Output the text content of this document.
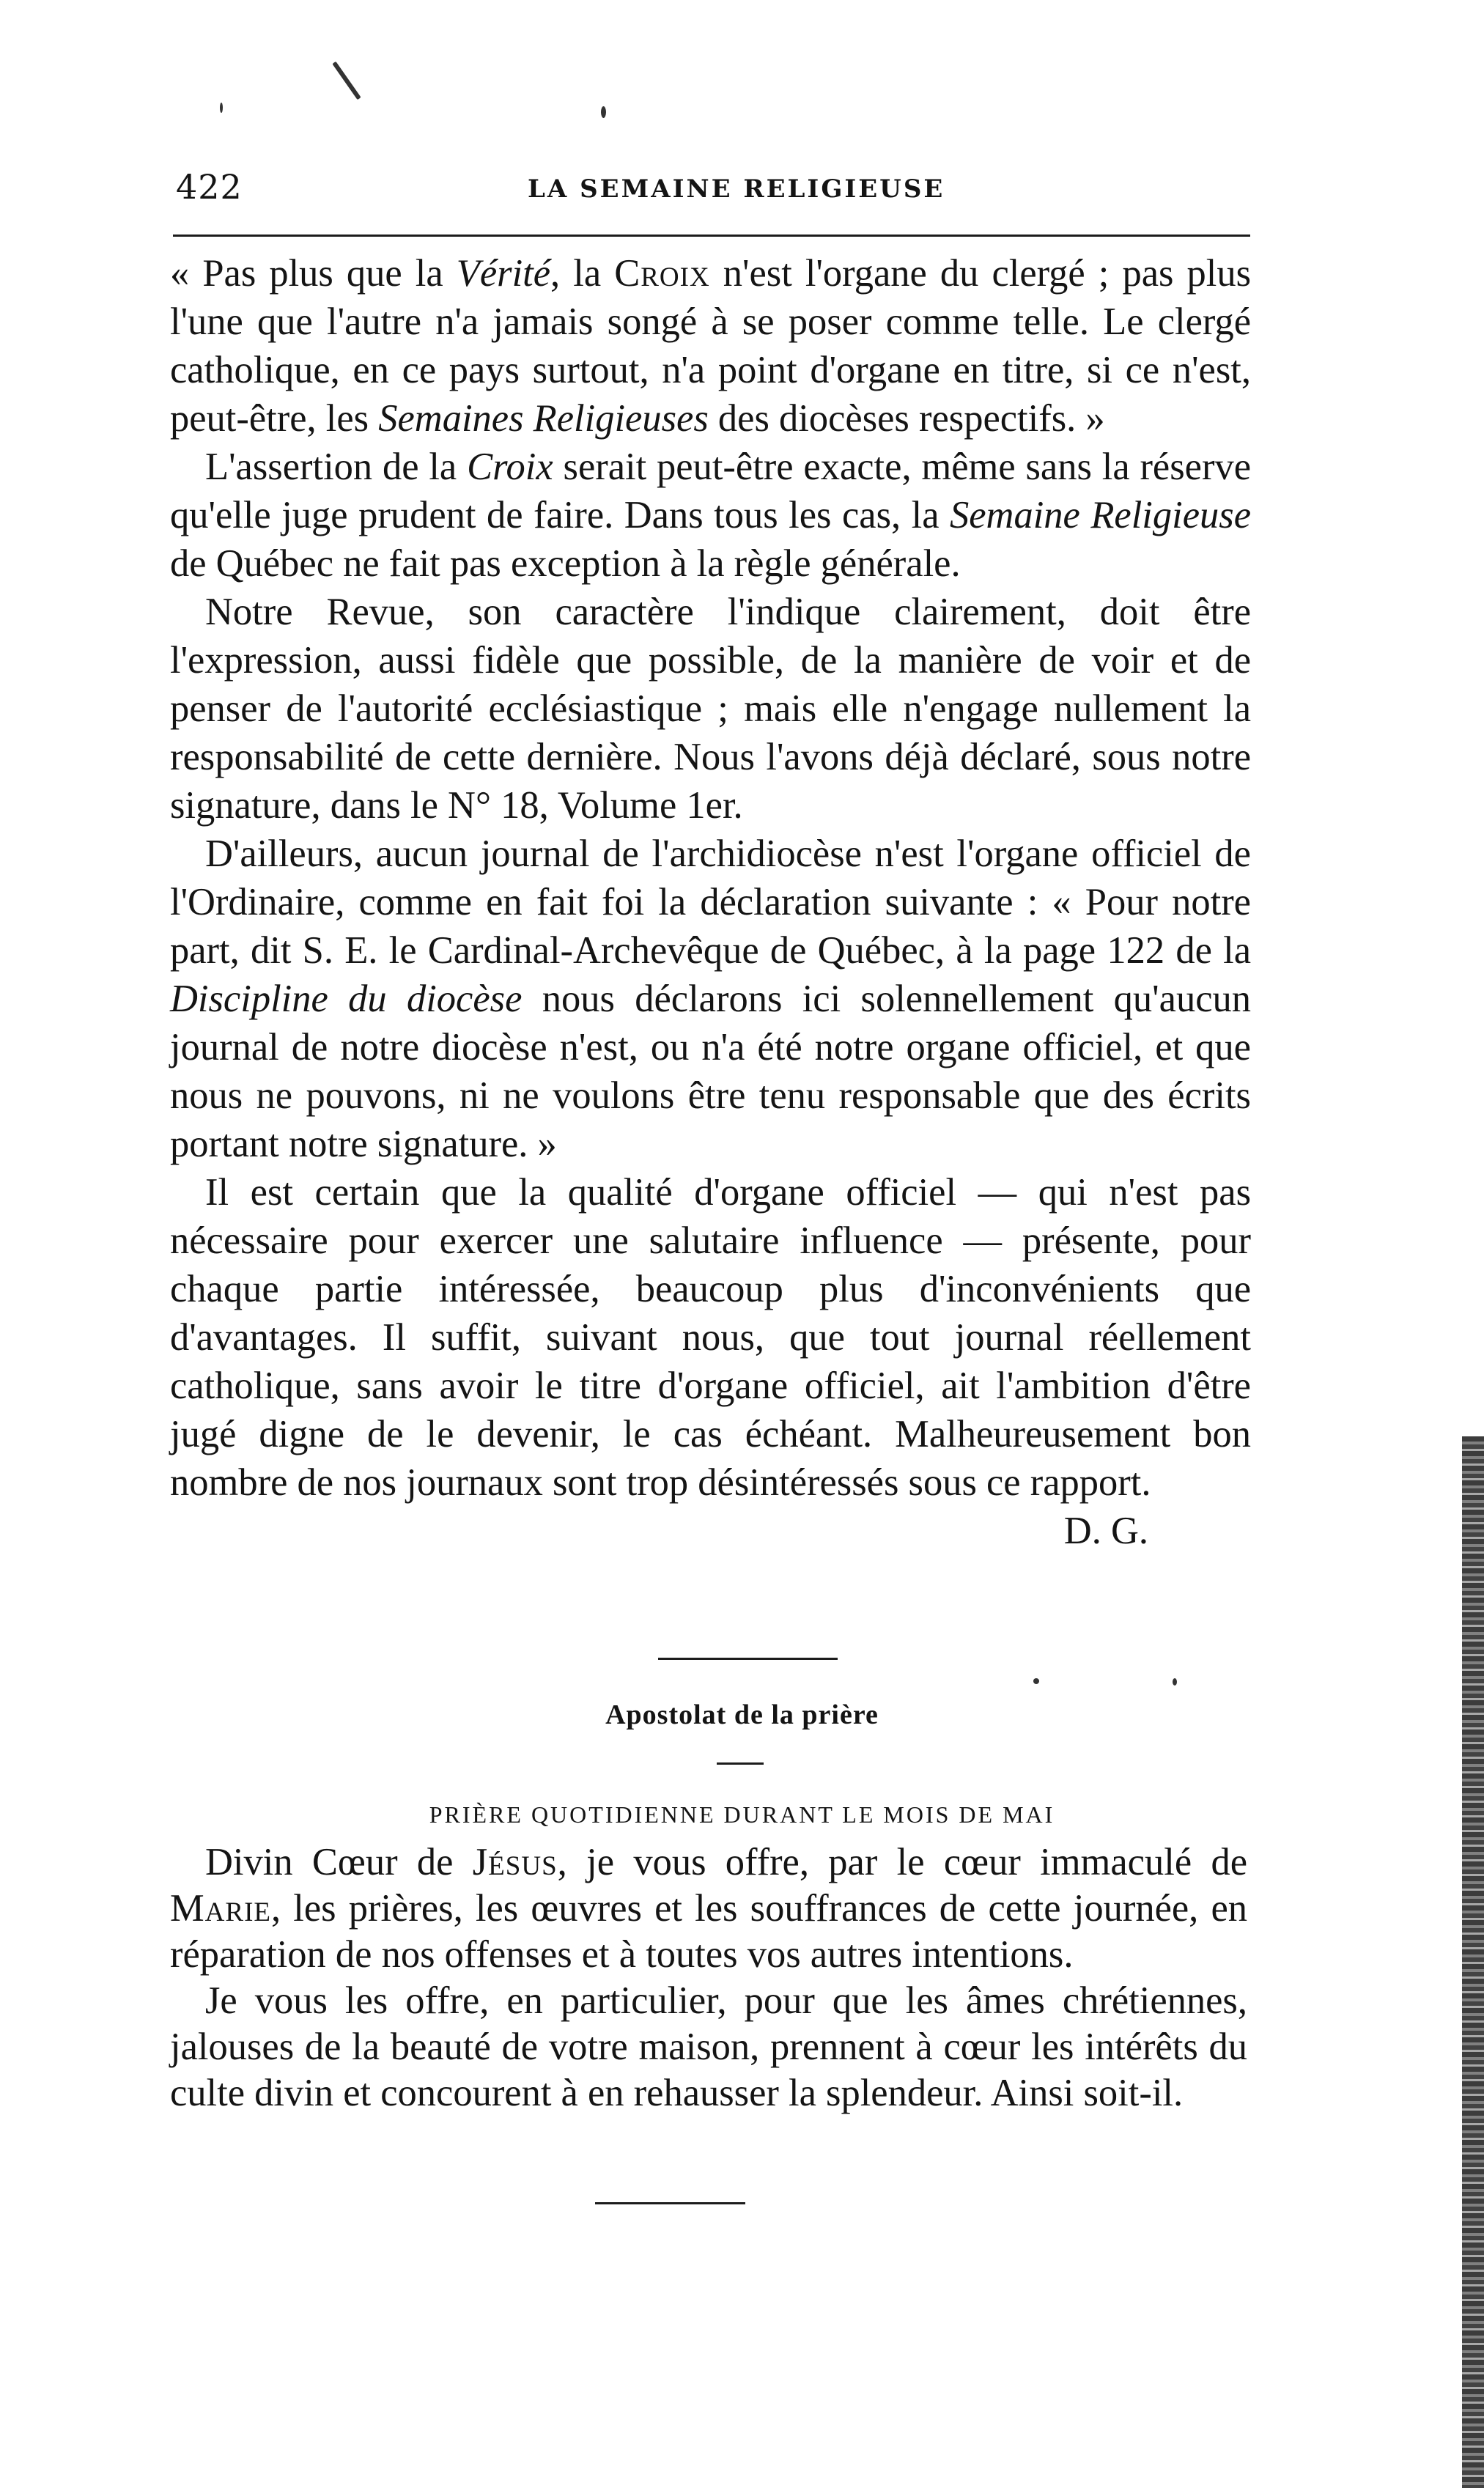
422	LA SEMAINE RELIGIEUSE

« Pas plus que la Vérité, la Croix n'est l'organe du clergé ; pas plus l'une que l'autre n'a jamais songé à se poser comme telle. Le clergé catholique, en ce pays surtout, n'a point d'organe en titre, si ce n'est, peut-être, les Semaines Religieuses des diocèses respectifs. »

L'assertion de la Croix serait peut-être exacte, même sans la réserve qu'elle juge prudent de faire. Dans tous les cas, la Semaine Religieuse de Québec ne fait pas exception à la règle générale.

Notre Revue, son caractère l'indique clairement, doit être l'expression, aussi fidèle que possible, de la manière de voir et de penser de l'autorité ecclésiastique ; mais elle n'engage nullement la responsabilité de cette dernière. Nous l'avons déjà déclaré, sous notre signature, dans le N° 18, Volume 1er.

D'ailleurs, aucun journal de l'archidiocèse n'est l'organe officiel de l'Ordinaire, comme en fait foi la déclaration suivante : « Pour notre part, dit S. E. le Cardinal-Archevêque de Québec, à la page 122 de la Discipline du diocèse nous déclarons ici solennellement qu'aucun journal de notre diocèse n'est, ou n'a été notre organe officiel, et que nous ne pouvons, ni ne voulons être tenu responsable que des écrits portant notre signature. »

Il est certain que la qualité d'organe officiel — qui n'est pas nécessaire pour exercer une salutaire influence — présente, pour chaque partie intéressée, beaucoup plus d'inconvénients que d'avantages. Il suffit, suivant nous, que tout journal réellement catholique, sans avoir le titre d'organe officiel, ait l'ambition d'être jugé digne de le devenir, le cas échéant. Malheureusement bon nombre de nos journaux sont trop désintéressés sous ce rapport.

D. G.
Apostolat de la prière
PRIÈRE QUOTIDIENNE DURANT LE MOIS DE MAI

Divin Cœur de Jésus, je vous offre, par le cœur immaculé de Marie, les prières, les œuvres et les souffrances de cette journée, en réparation de nos offenses et à toutes vos autres intentions.

Je vous les offre, en particulier, pour que les âmes chrétiennes, jalouses de la beauté de votre maison, prennent à cœur les intérêts du culte divin et concourent à en rehausser la splendeur. Ainsi soit-il.
